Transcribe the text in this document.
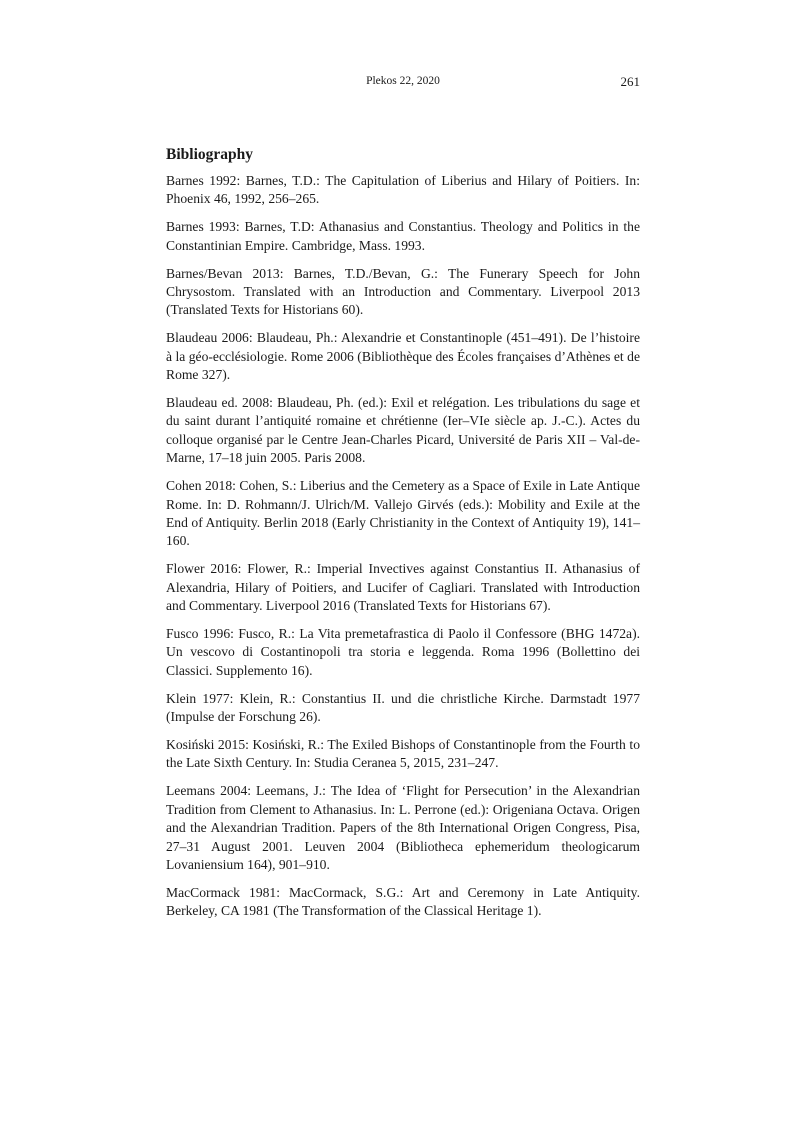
Plekos 22, 2020	261
Bibliography

Barnes 1992: Barnes, T.D.: The Capitulation of Liberius and Hilary of Poitiers. In: Phoenix 46, 1992, 256–265.

Barnes 1993: Barnes, T.D: Athanasius and Constantius. Theology and Politics in the Constantinian Empire. Cambridge, Mass. 1993.

Barnes/Bevan 2013: Barnes, T.D./Bevan, G.: The Funerary Speech for John Chrysostom. Translated with an Introduction and Commentary. Liverpool 2013 (Translated Texts for Historians 60).

Blaudeau 2006: Blaudeau, Ph.: Alexandrie et Constantinople (451–491). De l’histoire à la géo-ecclésiologie. Rome 2006 (Bibliothèque des Écoles françaises d’Athènes et de Rome 327).

Blaudeau ed. 2008: Blaudeau, Ph. (ed.): Exil et relégation. Les tribulations du sage et du saint durant l’antiquité romaine et chrétienne (Ier–VIe siècle ap. J.-C.). Actes du colloque organisé par le Centre Jean-Charles Picard, Université de Paris XII – Val-de-Marne, 17–18 juin 2005. Paris 2008.

Cohen 2018: Cohen, S.: Liberius and the Cemetery as a Space of Exile in Late Antique Rome. In: D. Rohmann/J. Ulrich/M. Vallejo Girvés (eds.): Mobility and Exile at the End of Antiquity. Berlin 2018 (Early Christianity in the Context of Antiquity 19), 141–160.

Flower 2016: Flower, R.: Imperial Invectives against Constantius II. Athanasius of Alexandria, Hilary of Poitiers, and Lucifer of Cagliari. Translated with Introduction and Commentary. Liverpool 2016 (Translated Texts for Historians 67).

Fusco 1996: Fusco, R.: La Vita premetafrastica di Paolo il Confessore (BHG 1472a). Un vescovo di Costantinopoli tra storia e leggenda. Roma 1996 (Bollettino dei Classici. Supplemento 16).

Klein 1977: Klein, R.: Constantius II. und die christliche Kirche. Darmstadt 1977 (Impulse der Forschung 26).

Kosiński 2015: Kosiński, R.: The Exiled Bishops of Constantinople from the Fourth to the Late Sixth Century. In: Studia Ceranea 5, 2015, 231–247.

Leemans 2004: Leemans, J.: The Idea of ‘Flight for Persecution’ in the Alexandrian Tradition from Clement to Athanasius. In: L. Perrone (ed.): Origeniana Octava. Origen and the Alexandrian Tradition. Papers of the 8th International Origen Congress, Pisa, 27–31 August 2001. Leuven 2004 (Bibliotheca ephemeridum theologicarum Lovaniensium 164), 901–910.

MacCormack 1981: MacCormack, S.G.: Art and Ceremony in Late Antiquity. Berkeley, CA 1981 (The Transformation of the Classical Heritage 1).
